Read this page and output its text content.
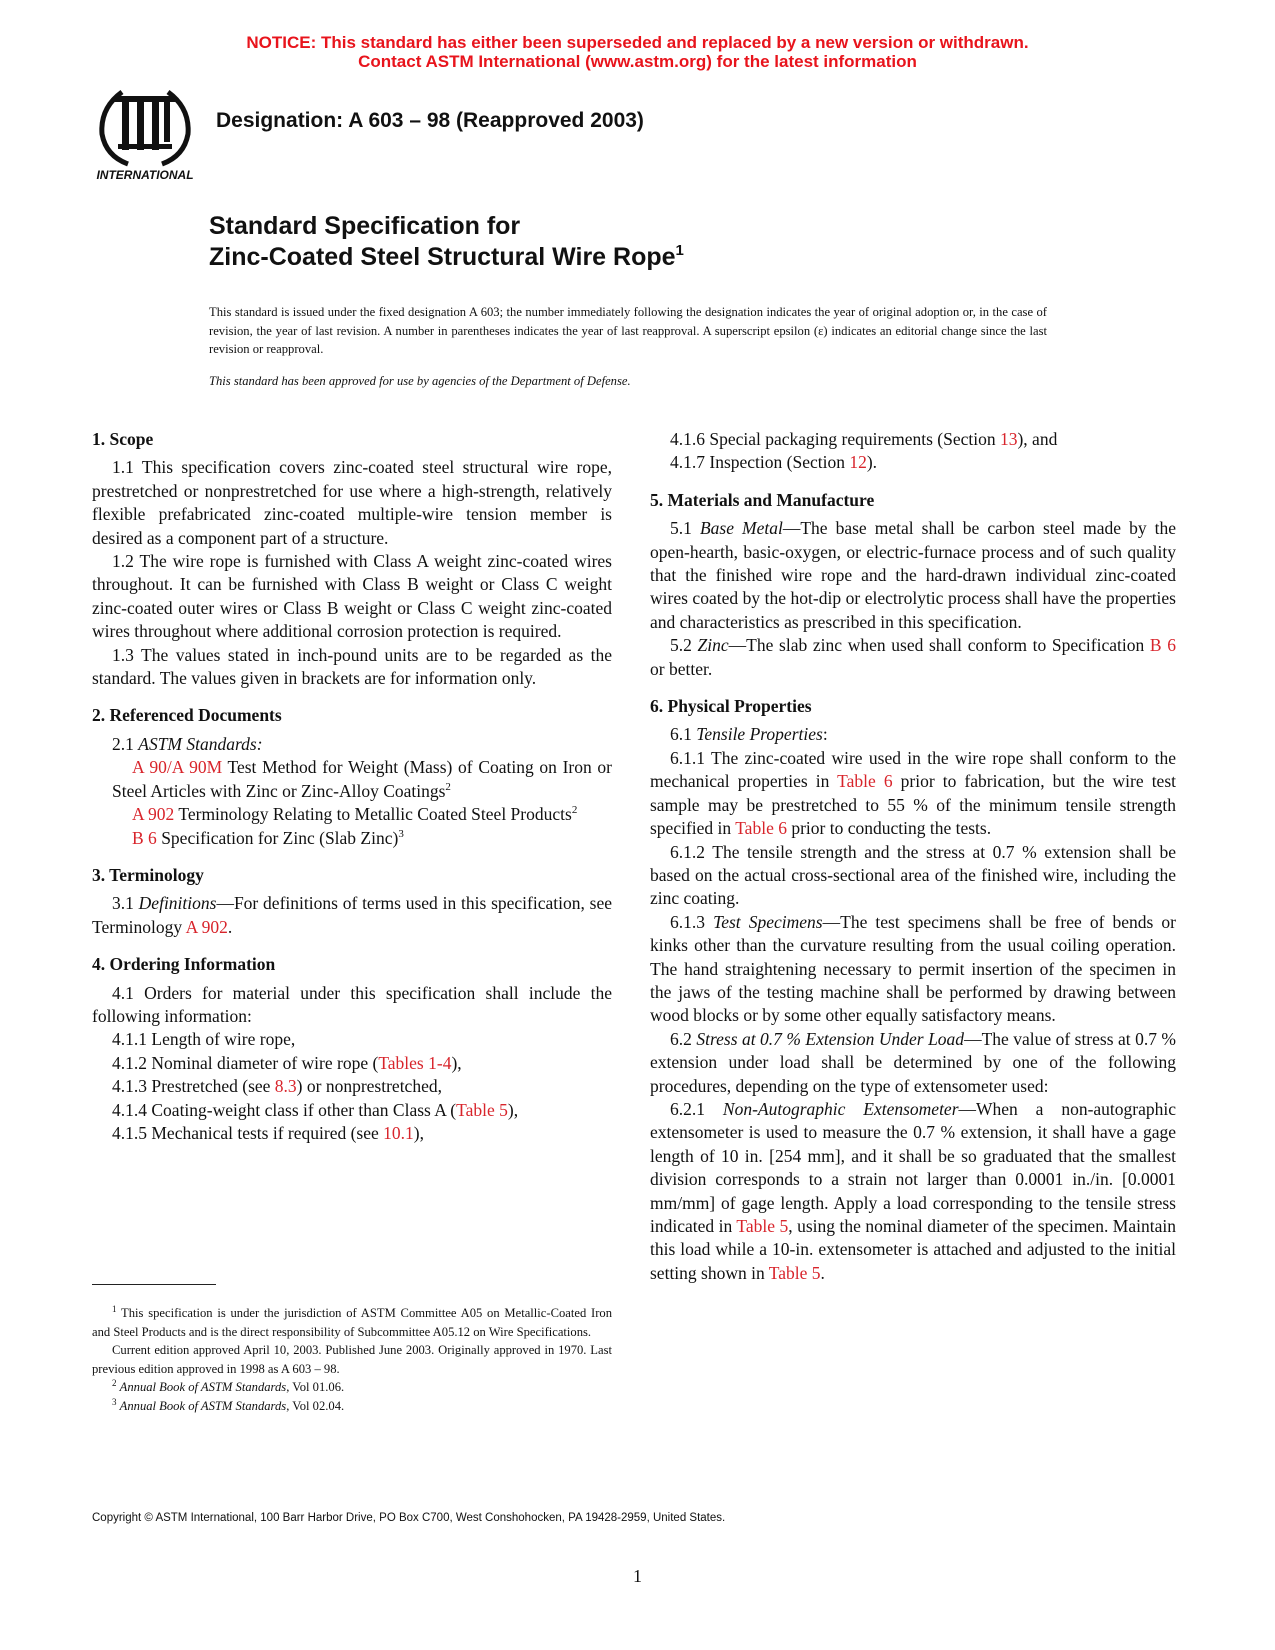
NOTICE: This standard has either been superseded and replaced by a new version or withdrawn.
Contact ASTM International (www.astm.org) for the latest information
INTERNATIONAL
Designation: A 603 – 98 (Reapproved 2003)
Standard Specification for
Zinc-Coated Steel Structural Wire Rope$^1$
This standard is issued under the fixed designation A 603; the number immediately following the designation indicates the year of original adoption or, in the case of revision, the year of last revision. A number in parentheses indicates the year of last reapproval. A superscript epsilon (ε) indicates an editorial change since the last revision or reapproval.
This standard has been approved for use by agencies of the Department of Defense.
1. Scope

1.1 This specification covers zinc-coated steel structural wire rope, prestretched or nonprestretched for use where a high-strength, relatively flexible prefabricated zinc-coated multiple-wire tension member is desired as a component part of a structure.

1.2 The wire rope is furnished with Class A weight zinc-coated wires throughout. It can be furnished with Class B weight or Class C weight zinc-coated outer wires or Class B weight or Class C weight zinc-coated wires throughout where additional corrosion protection is required.

1.3 The values stated in inch-pound units are to be regarded as the standard. The values given in brackets are for information only.

2. Referenced Documents

2.1 ASTM Standards:

A 90/A 90M Test Method for Weight (Mass) of Coating on Iron or Steel Articles with Zinc or Zinc-Alloy Coatings$^2$

A 902 Terminology Relating to Metallic Coated Steel Products$^2$

B 6 Specification for Zinc (Slab Zinc)$^3$

3. Terminology

3.1 Definitions—For definitions of terms used in this specification, see Terminology A 902.

4. Ordering Information

4.1 Orders for material under this specification shall include the following information:

4.1.1 Length of wire rope,

4.1.2 Nominal diameter of wire rope (Tables 1-4),

4.1.3 Prestretched (see 8.3) or nonprestretched,

4.1.4 Coating-weight class if other than Class A (Table 5),

4.1.5 Mechanical tests if required (see 10.1),

$^1$ This specification is under the jurisdiction of ASTM Committee A05 on Metallic-Coated Iron and Steel Products and is the direct responsibility of Subcommittee A05.12 on Wire Specifications.

Current edition approved April 10, 2003. Published June 2003. Originally approved in 1970. Last previous edition approved in 1998 as A 603 – 98.

$^2$ Annual Book of ASTM Standards, Vol 01.06.

$^3$ Annual Book of ASTM Standards, Vol 02.04.

4.1.6 Special packaging requirements (Section 13), and

4.1.7 Inspection (Section 12).

5. Materials and Manufacture

5.1 Base Metal—The base metal shall be carbon steel made by the open-hearth, basic-oxygen, or electric-furnace process and of such quality that the finished wire rope and the hard-drawn individual zinc-coated wires coated by the hot-dip or electrolytic process shall have the properties and characteristics as prescribed in this specification.

5.2 Zinc—The slab zinc when used shall conform to Specification B 6 or better.

6. Physical Properties

6.1 Tensile Properties:

6.1.1 The zinc-coated wire used in the wire rope shall conform to the mechanical properties in Table 6 prior to fabrication, but the wire test sample may be prestretched to 55 % of the minimum tensile strength specified in Table 6 prior to conducting the tests.

6.1.2 The tensile strength and the stress at 0.7 % extension shall be based on the actual cross-sectional area of the finished wire, including the zinc coating.

6.1.3 Test Specimens—The test specimens shall be free of bends or kinks other than the curvature resulting from the usual coiling operation. The hand straightening necessary to permit insertion of the specimen in the jaws of the testing machine shall be performed by drawing between wood blocks or by some other equally satisfactory means.

6.2 Stress at 0.7 % Extension Under Load—The value of stress at 0.7 % extension under load shall be determined by one of the following procedures, depending on the type of extensometer used:

6.2.1 Non-Autographic Extensometer—When a non-autographic extensometer is used to measure the 0.7 % extension, it shall have a gage length of 10 in. [254 mm], and it shall be so graduated that the smallest division corresponds to a strain not larger than 0.0001 in./in. [0.0001 mm/mm] of gage length. Apply a load corresponding to the tensile stress indicated in Table 5, using the nominal diameter of the specimen. Maintain this load while a 10-in. extensometer is attached and adjusted to the initial setting shown in Table 5.

Copyright © ASTM International, 100 Barr Harbor Drive, PO Box C700, West Conshohocken, PA 19428-2959, United States.
1
